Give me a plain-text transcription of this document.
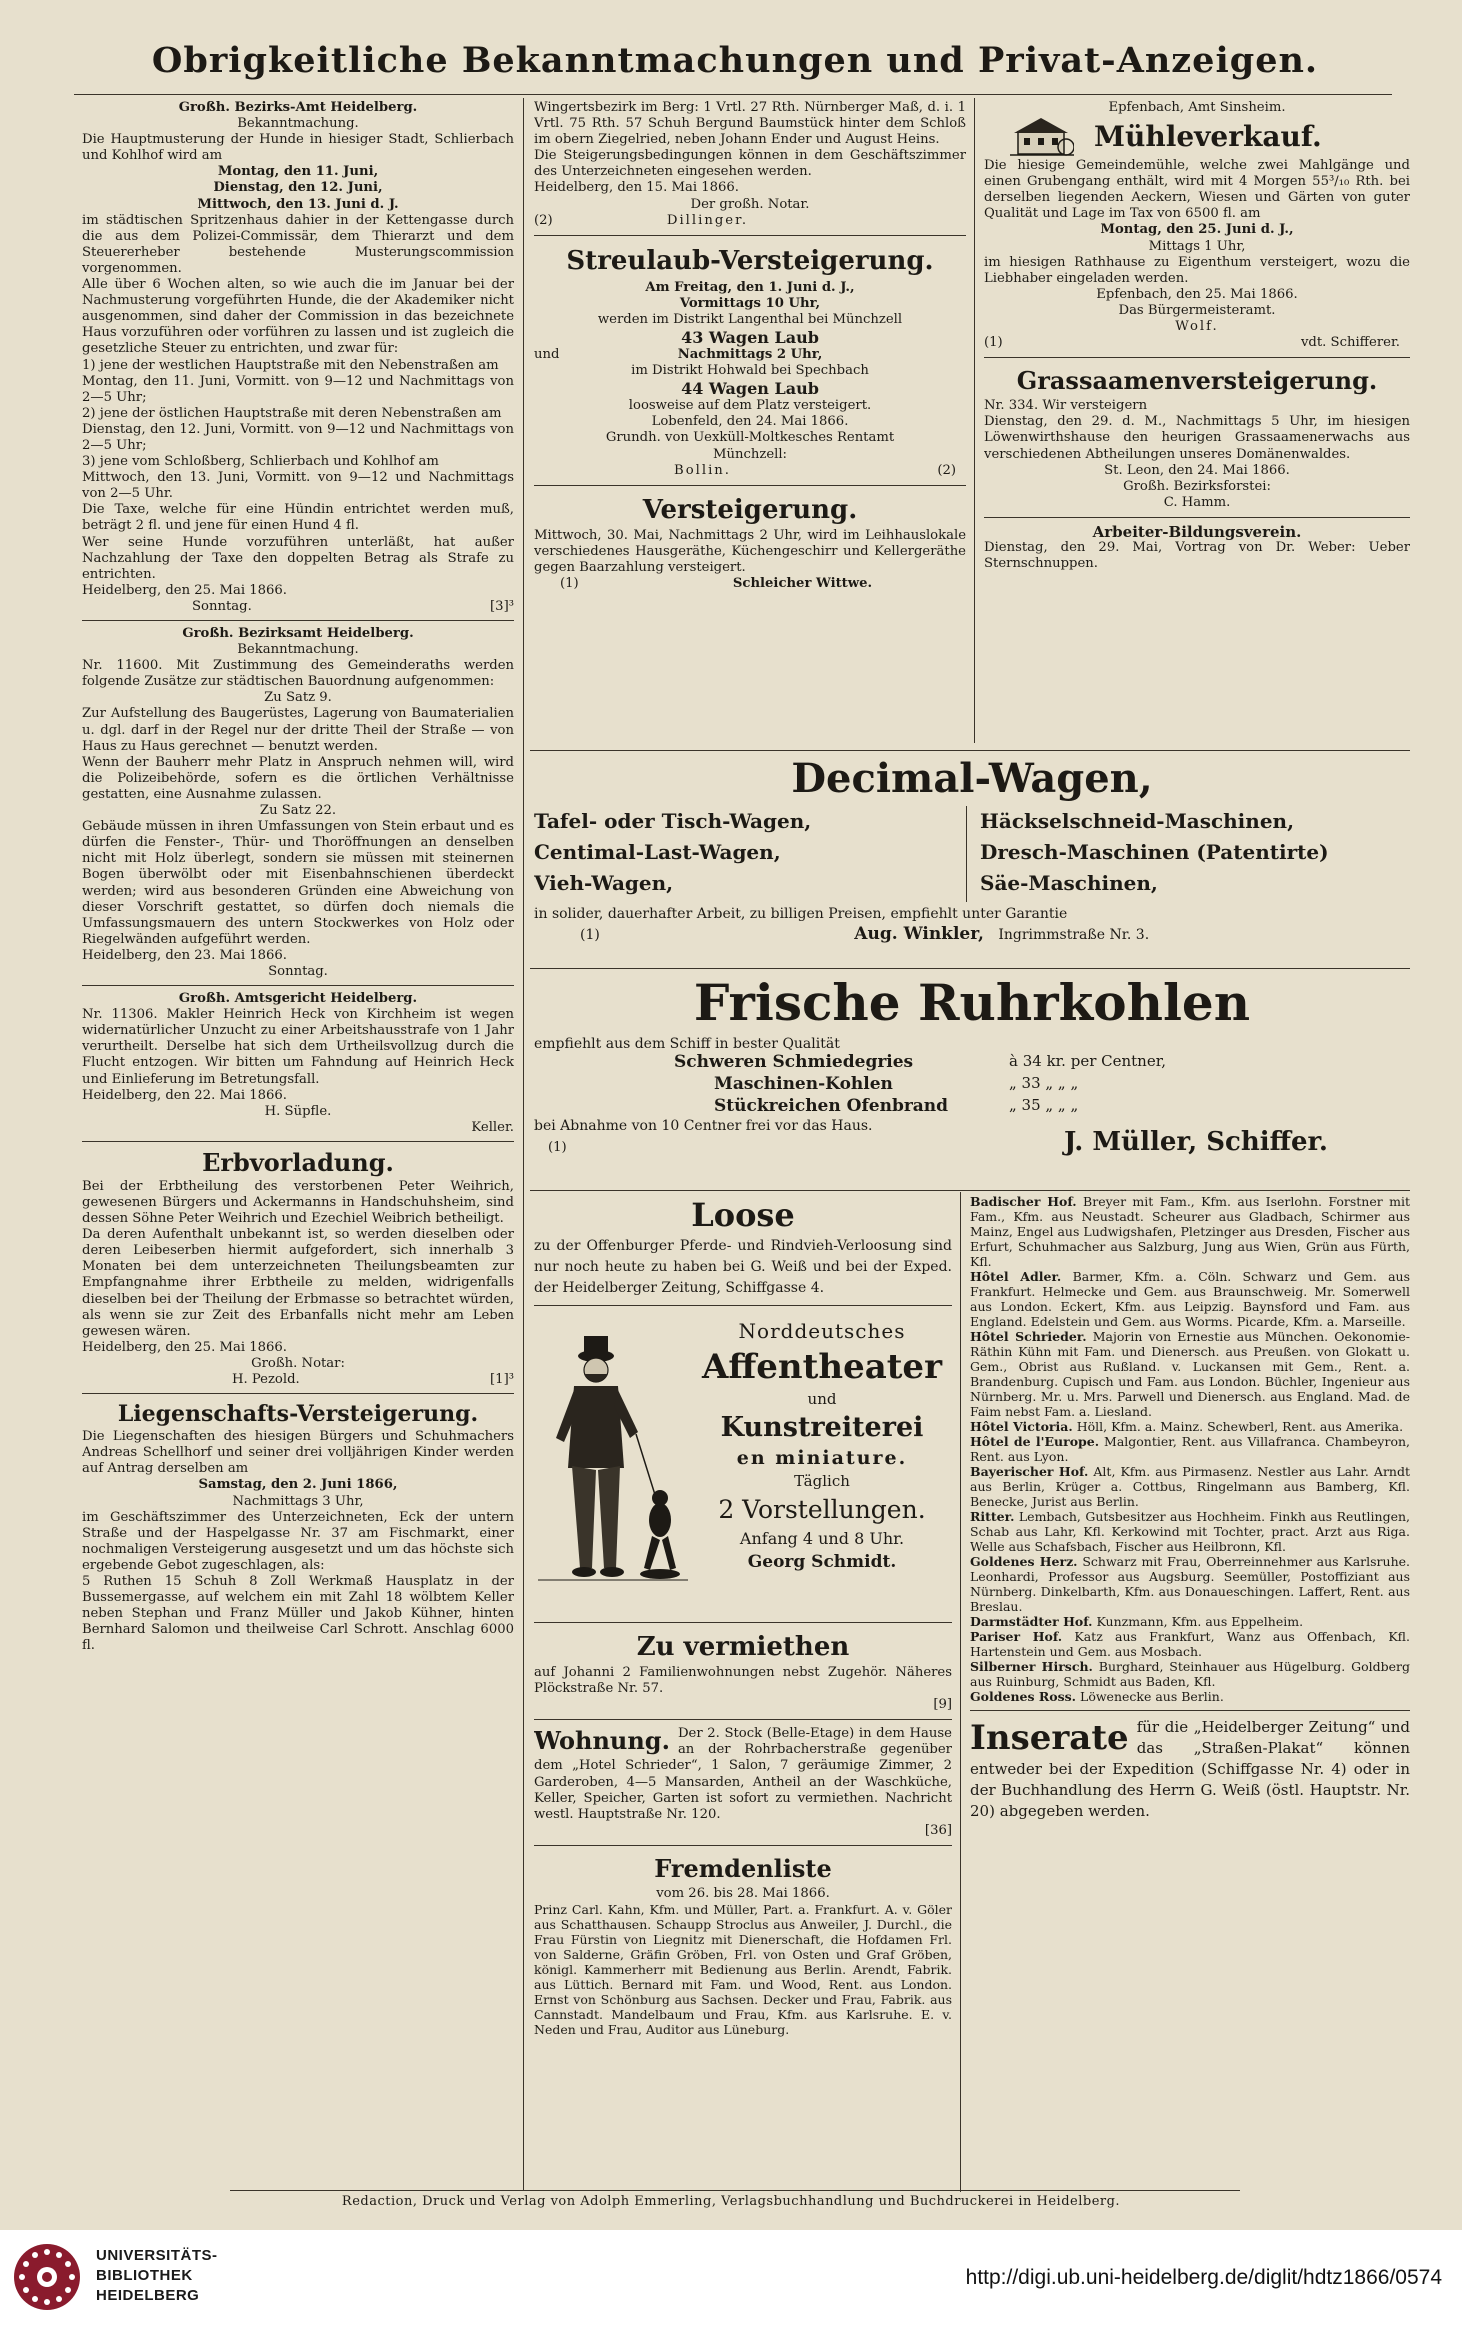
Obrigkeitliche Bekanntmachungen und Privat-Anzeigen.

Großh. Bezirks-Amt Heidelberg.

Bekanntmachung.

Die Hauptmusterung der Hunde in hiesiger Stadt, Schlierbach und Kohlhof wird am

Montag, den 11. Juni,

Dienstag, den 12. Juni,

Mittwoch, den 13. Juni d. J.

im städtischen Spritzenhaus dahier in der Kettengasse durch die aus dem Polizei-Commissär, dem Thierarzt und dem Steuererheber bestehende Musterungscommission vorgenommen.

Alle über 6 Wochen alten, so wie auch die im Januar bei der Nachmusterung vorgeführten Hunde, die der Akademiker nicht ausgenommen, sind daher der Commission in das bezeichnete Haus vorzuführen oder vorführen zu lassen und ist zugleich die gesetzliche Steuer zu entrichten, und zwar für:

1) jene der westlichen Hauptstraße mit den Nebenstraßen am

Montag, den 11. Juni, Vormitt. von 9—12 und Nachmittags von 2—5 Uhr;

2) jene der östlichen Hauptstraße mit deren Nebenstraßen am

Dienstag, den 12. Juni, Vormitt. von 9—12 und Nachmittags von 2—5 Uhr;

3) jene vom Schloßberg, Schlierbach und Kohlhof am

Mittwoch, den 13. Juni, Vormitt. von 9—12 und Nachmittags von 2—5 Uhr.

Die Taxe, welche für eine Hündin entrichtet werden muß, beträgt 2 fl. und jene für einen Hund 4 fl.

Wer seine Hunde vorzuführen unterläßt, hat außer Nachzahlung der Taxe den doppelten Betrag als Strafe zu entrichten.

Heidelberg, den 25. Mai 1866.

Sonntag.	[3]³

Großh. Bezirksamt Heidelberg.

Bekanntmachung.

Nr. 11600. Mit Zustimmung des Gemeinderaths werden folgende Zusätze zur städtischen Bauordnung aufgenommen:

Zu Satz 9.

Zur Aufstellung des Baugerüstes, Lagerung von Baumaterialien u. dgl. darf in der Regel nur der dritte Theil der Straße — von Haus zu Haus gerechnet — benutzt werden.

Wenn der Bauherr mehr Platz in Anspruch nehmen will, wird die Polizeibehörde, sofern es die örtlichen Verhältnisse gestatten, eine Ausnahme zulassen.

Zu Satz 22.

Gebäude müssen in ihren Umfassungen von Stein erbaut und es dürfen die Fenster-, Thür- und Thoröffnungen an denselben nicht mit Holz überlegt, sondern sie müssen mit steinernen Bogen überwölbt oder mit Eisenbahnschienen überdeckt werden; wird aus besonderen Gründen eine Abweichung von dieser Vorschrift gestattet, so dürfen doch niemals die Umfassungsmauern des untern Stockwerkes von Holz oder Riegelwänden aufgeführt werden.

Heidelberg, den 23. Mai 1866.

Sonntag.

Großh. Amtsgericht Heidelberg.

Nr. 11306. Makler Heinrich Heck von Kirchheim ist wegen widernatürlicher Unzucht zu einer Arbeitshausstrafe von 1 Jahr verurtheilt. Derselbe hat sich dem Urtheilsvollzug durch die Flucht entzogen. Wir bitten um Fahndung auf Heinrich Heck und Einlieferung im Betretungsfall.

Heidelberg, den 22. Mai 1866.

H. Süpfle.

Keller.

Erbvorladung.

Bei der Erbtheilung des verstorbenen Peter Weihrich, gewesenen Bürgers und Ackermanns in Handschuhsheim, sind dessen Söhne Peter Weihrich und Ezechiel Weibrich betheiligt.

Da deren Aufenthalt unbekannt ist, so werden dieselben oder deren Leibeserben hiermit aufgefordert, sich innerhalb 3 Monaten bei dem unterzeichneten Theilungsbeamten zur Empfangnahme ihrer Erbtheile zu melden, widrigenfalls dieselben bei der Theilung der Erbmasse so betrachtet würden, als wenn sie zur Zeit des Erbanfalls nicht mehr am Leben gewesen wären.

Heidelberg, den 25. Mai 1866.

Großh. Notar:

H. Pezold.	[1]³

Liegenschafts-Versteigerung.

Die Liegenschaften des hiesigen Bürgers und Schuhmachers Andreas Schellhorf und seiner drei volljährigen Kinder werden auf Antrag derselben am

Samstag, den 2. Juni 1866,

Nachmittags 3 Uhr,

im Geschäftszimmer des Unterzeichneten, Eck der untern Straße und der Haspelgasse Nr. 37 am Fischmarkt, einer nochmaligen Versteigerung ausgesetzt und um das höchste sich ergebende Gebot zugeschlagen, als:

5 Ruthen 15 Schuh 8 Zoll Werkmaß Hausplatz in der Bussemergasse, auf welchem ein mit Zahl 18 wölbtem Keller neben Stephan und Franz Müller und Jakob Kühner, hinten Bernhard Salomon und theilweise Carl Schrott. Anschlag 6000 fl.

Wingertsbezirk im Berg: 1 Vrtl. 27 Rth. Nürnberger Maß, d. i. 1 Vrtl. 75 Rth. 57 Schuh Bergund Baumstück hinter dem Schloß im obern Ziegelried, neben Johann Ender und August Heins.

Die Steigerungsbedingungen können in dem Geschäftszimmer des Unterzeichneten eingesehen werden.

Heidelberg, den 15. Mai 1866.

Der großh. Notar.

(2)	Dillinger.

Streulaub-Versteigerung.

Am Freitag, den 1. Juni d. J.,

Vormittags 10 Uhr,

werden im Distrikt Langenthal bei Münchzell

43 Wagen Laub

und	Nachmittags 2 Uhr,

im Distrikt Hohwald bei Spechbach

44 Wagen Laub

loosweise auf dem Platz versteigert.

Lobenfeld, den 24. Mai 1866.

Grundh. von Uexküll-Moltkesches Rentamt

Münchzell:

Bollin.	(2)

Versteigerung.

Mittwoch, 30. Mai, Nachmittags 2 Uhr, wird im Leihhauslokale verschiedenes Hausgeräthe, Küchengeschirr und Kellergeräthe gegen Baarzahlung versteigert.

(1)	Schleicher Wittwe.

Epfenbach, Amt Sinsheim.

Mühleverkauf.

Die hiesige Gemeindemühle, welche zwei Mahlgänge und einen Grubengang enthält, wird mit 4 Morgen 55³/₁₀ Rth. bei derselben liegenden Aeckern, Wiesen und Gärten von guter Qualität und Lage im Tax von 6500 fl. am

Montag, den 25. Juni d. J.,

Mittags 1 Uhr,

im hiesigen Rathhause zu Eigenthum versteigert, wozu die Liebhaber eingeladen werden.

Epfenbach, den 25. Mai 1866.

Das Bürgermeisteramt.

Wolf.

(1)	vdt. Schifferer.

Grassaamenversteigerung.

Nr. 334. Wir versteigern

Dienstag, den 29. d. M., Nachmittags 5 Uhr, im hiesigen Löwenwirthshause den heurigen Grassaamenerwachs aus verschiedenen Abtheilungen unseres Domänenwaldes.

St. Leon, den 24. Mai 1866.

Großh. Bezirksforstei:

C. Hamm.

Arbeiter-Bildungsverein.

Dienstag, den 29. Mai, Vortrag von Dr. Weber: Ueber Sternschnuppen.

Decimal-Wagen,

Tafel- oder Tisch-Wagen,

Centimal-Last-Wagen,

Vieh-Wagen,

Häckselschneid-Maschinen,

Dresch-Maschinen (Patentirte)

Säe-Maschinen,

in solider, dauerhafter Arbeit, zu billigen Preisen, empfiehlt unter Garantie

(1)	Aug. Winkler, Ingrimmstraße Nr. 3.

Frische Ruhrkohlen

empfiehlt aus dem Schiff in bester Qualität

Schweren Schmiedegries	à 34 kr. per Centner,
Maschinen-Kohlen	„ 33 „ „ „
Stückreichen Ofenbrand	„ 35 „ „ „

bei Abnahme von 10 Centner frei vor das Haus.

(1)	J. Müller, Schiffer.

Loose

zu der Offenburger Pferde- und Rindvieh-Verloosung sind nur noch heute zu haben bei G. Weiß und bei der Exped. der Heidelberger Zeitung, Schiffgasse 4.

Norddeutsches

Affentheater

und

Kunstreiterei

en miniature.

Täglich

2 Vorstellungen.

Anfang 4 und 8 Uhr.

Georg Schmidt.

Zu vermiethen

auf Johanni 2 Familienwohnungen nebst Zugehör. Näheres Plöckstraße Nr. 57.

[9]

Wohnung. Der 2. Stock (Belle-Etage) in dem Hause an der Rohrbacherstraße gegenüber dem „Hotel Schrieder“, 1 Salon, 7 geräumige Zimmer, 2 Garderoben, 4—5 Mansarden, Antheil an der Waschküche, Keller, Speicher, Garten ist sofort zu vermiethen. Nachricht westl. Hauptstraße Nr. 120.

[36]

Fremdenliste

vom 26. bis 28. Mai 1866.

Prinz Carl. Kahn, Kfm. und Müller, Part. a. Frankfurt. A. v. Göler aus Schatthausen. Schaupp Stroclus aus Anweiler, J. Durchl., die Frau Fürstin von Liegnitz mit Dienerschaft, die Hofdamen Frl. von Salderne, Gräfin Gröben, Frl. von Osten und Graf Gröben, königl. Kammerherr mit Bedienung aus Berlin. Arendt, Fabrik. aus Lüttich. Bernard mit Fam. und Wood, Rent. aus London. Ernst von Schönburg aus Sachsen. Decker und Frau, Fabrik. aus Cannstadt. Mandelbaum und Frau, Kfm. aus Karlsruhe. E. v. Neden und Frau, Auditor aus Lüneburg.

Badischer Hof. Breyer mit Fam., Kfm. aus Iserlohn. Forstner mit Fam., Kfm. aus Neustadt. Scheurer aus Gladbach, Schirmer aus Mainz, Engel aus Ludwigshafen, Pletzinger aus Dresden, Fischer aus Erfurt, Schuhmacher aus Salzburg, Jung aus Wien, Grün aus Fürth, Kfl.

Hôtel Adler. Barmer, Kfm. a. Cöln. Schwarz und Gem. aus Frankfurt. Helmecke und Gem. aus Braunschweig. Mr. Somerwell aus London. Eckert, Kfm. aus Leipzig. Baynsford und Fam. aus England. Edelstein und Gem. aus Worms. Picarde, Kfm. a. Marseille.

Hôtel Schrieder. Majorin von Ernestie aus München. Oekonomie-Räthin Kühn mit Fam. und Dienersch. aus Preußen. von Glokatt u. Gem., Obrist aus Rußland. v. Luckansen mit Gem., Rent. a. Brandenburg. Cupisch und Fam. aus London. Büchler, Ingenieur aus Nürnberg. Mr. u. Mrs. Parwell und Dienersch. aus England. Mad. de Faim nebst Fam. a. Liesland.

Hôtel Victoria. Höll, Kfm. a. Mainz. Schewberl, Rent. aus Amerika.

Hôtel de l'Europe. Malgontier, Rent. aus Villafranca. Chambeyron, Rent. aus Lyon.

Bayerischer Hof. Alt, Kfm. aus Pirmasenz. Nestler aus Lahr. Arndt aus Berlin, Krüger a. Cottbus, Ringelmann aus Bamberg, Kfl. Benecke, Jurist aus Berlin.

Ritter. Lembach, Gutsbesitzer aus Hochheim. Finkh aus Reutlingen, Schab aus Lahr, Kfl. Kerkowind mit Tochter, pract. Arzt aus Riga. Welle aus Schafsbach, Fischer aus Heilbronn, Kfl.

Goldenes Herz. Schwarz mit Frau, Oberreinnehmer aus Karlsruhe. Leonhardi, Professor aus Augsburg. Seemüller, Postoffiziant aus Nürnberg. Dinkelbarth, Kfm. aus Donaueschingen. Laffert, Rent. aus Breslau.

Darmstädter Hof. Kunzmann, Kfm. aus Eppelheim.

Pariser Hof. Katz aus Frankfurt, Wanz aus Offenbach, Kfl. Hartenstein und Gem. aus Mosbach.

Silberner Hirsch. Burghard, Steinhauer aus Hügelburg. Goldberg aus Ruinburg, Schmidt aus Baden, Kfl.

Goldenes Ross. Löwenecke aus Berlin.

Inserate für die „Heidelberger Zeitung“ und das „Straßen-Plakat“ können entweder bei der Expedition (Schiffgasse Nr. 4) oder in der Buchhandlung des Herrn G. Weiß (östl. Hauptstr. Nr. 20) abgegeben werden.

Redaction, Druck und Verlag von Adolph Emmerling, Verlagsbuchhandlung und Buchdruckerei in Heidelberg.
UNIVERSITÄTS-
BIBLIOTHEK
HEIDELBERG
http://digi.ub.uni-heidelberg.de/diglit/hdtz1866/0574
